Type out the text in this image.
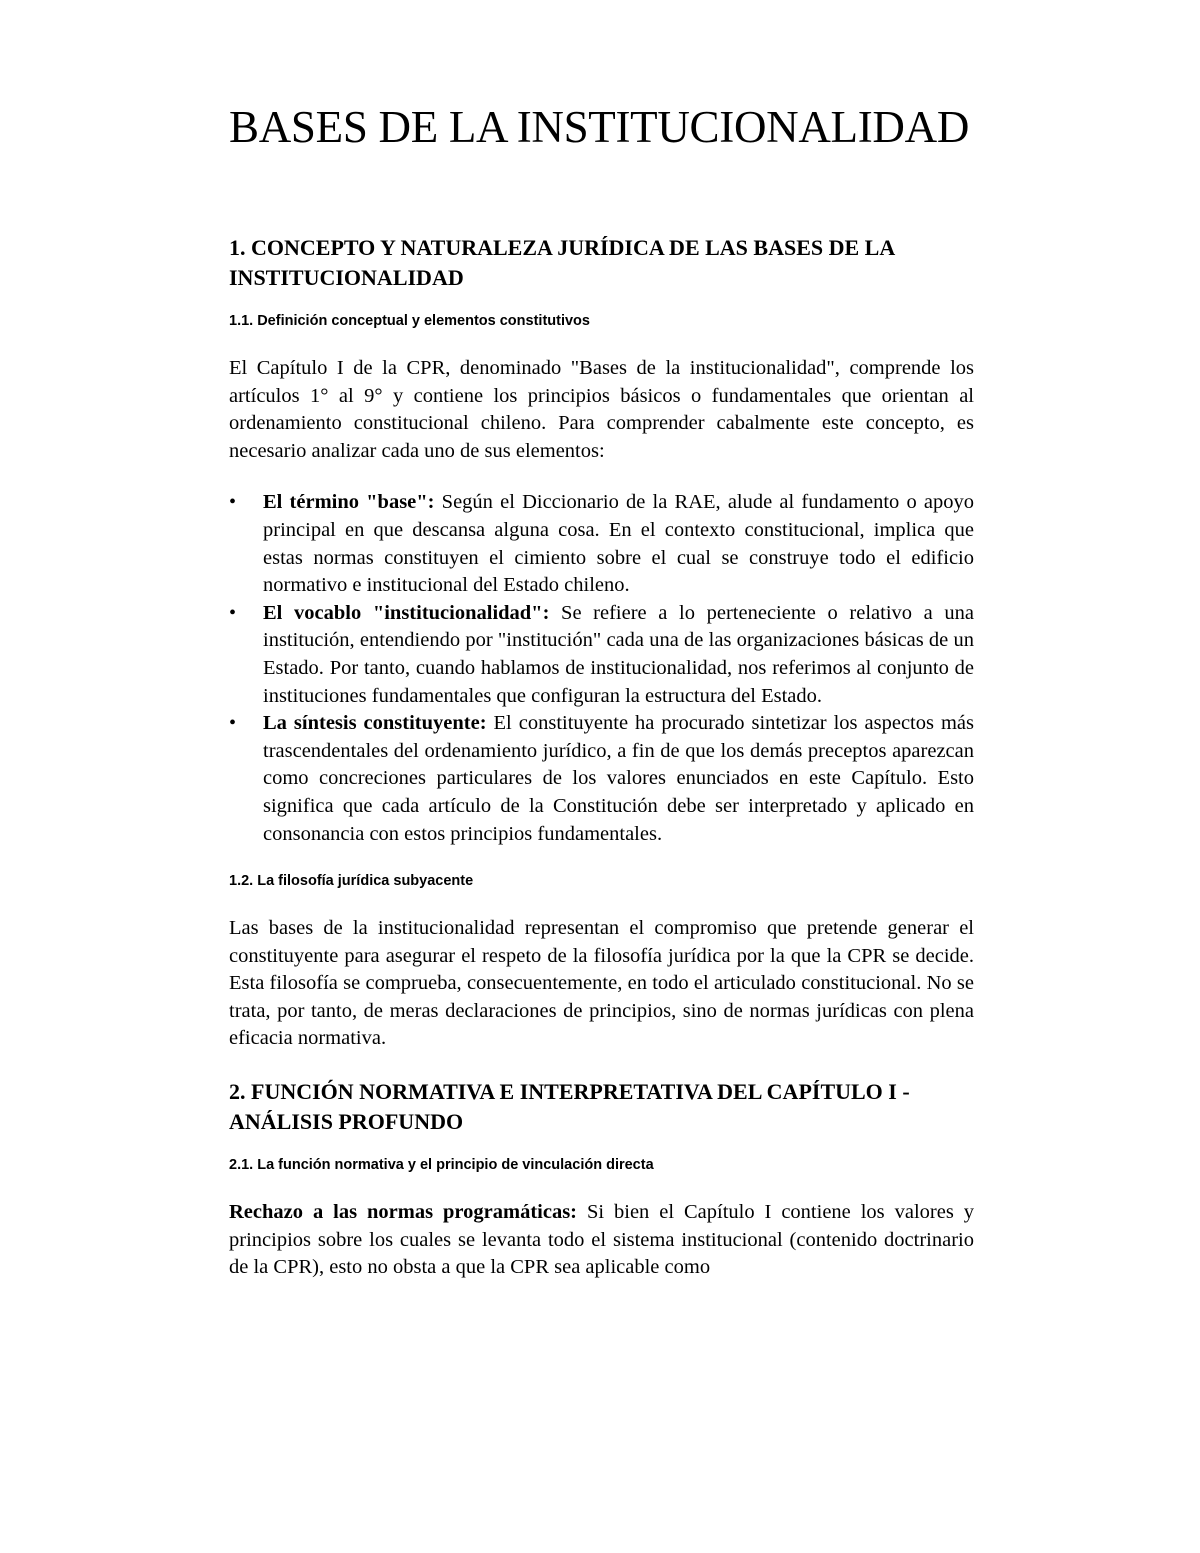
BASES DE LA INSTITUCIONALIDAD
1. CONCEPTO Y NATURALEZA JURÍDICA DE LAS BASES DE LA INSTITUCIONALIDAD
1.1. Definición conceptual y elementos constitutivos

El Capítulo I de la CPR, denominado "Bases de la institucionalidad", comprende los artículos 1° al 9° y contiene los principios básicos o fundamentales que orientan al ordenamiento constitucional chileno. Para comprender cabalmente este concepto, es necesario analizar cada uno de sus elementos:

• El término "base": Según el Diccionario de la RAE, alude al fundamento o apoyo principal en que descansa alguna cosa. En el contexto constitucional, implica que estas normas constituyen el cimiento sobre el cual se construye todo el edificio normativo e institucional del Estado chileno.
• El vocablo "institucionalidad": Se refiere a lo perteneciente o relativo a una institución, entendiendo por "institución" cada una de las organizaciones básicas de un Estado. Por tanto, cuando hablamos de institucionalidad, nos referimos al conjunto de instituciones fundamentales que configuran la estructura del Estado.
• La síntesis constituyente: El constituyente ha procurado sintetizar los aspectos más trascendentales del ordenamiento jurídico, a fin de que los demás preceptos aparezcan como concreciones particulares de los valores enunciados en este Capítulo. Esto significa que cada artículo de la Constitución debe ser interpretado y aplicado en consonancia con estos principios fundamentales.
1.2. La filosofía jurídica subyacente

Las bases de la institucionalidad representan el compromiso que pretende generar el constituyente para asegurar el respeto de la filosofía jurídica por la que la CPR se decide. Esta filosofía se comprueba, consecuentemente, en todo el articulado constitucional. No se trata, por tanto, de meras declaraciones de principios, sino de normas jurídicas con plena eficacia normativa.

2. FUNCIÓN NORMATIVA E INTERPRETATIVA DEL CAPÍTULO I - ANÁLISIS PROFUNDO
2.1. La función normativa y el principio de vinculación directa

Rechazo a las normas programáticas: Si bien el Capítulo I contiene los valores y principios sobre los cuales se levanta todo el sistema institucional (contenido doctrinario de la CPR), esto no obsta a que la CPR sea aplicable como
